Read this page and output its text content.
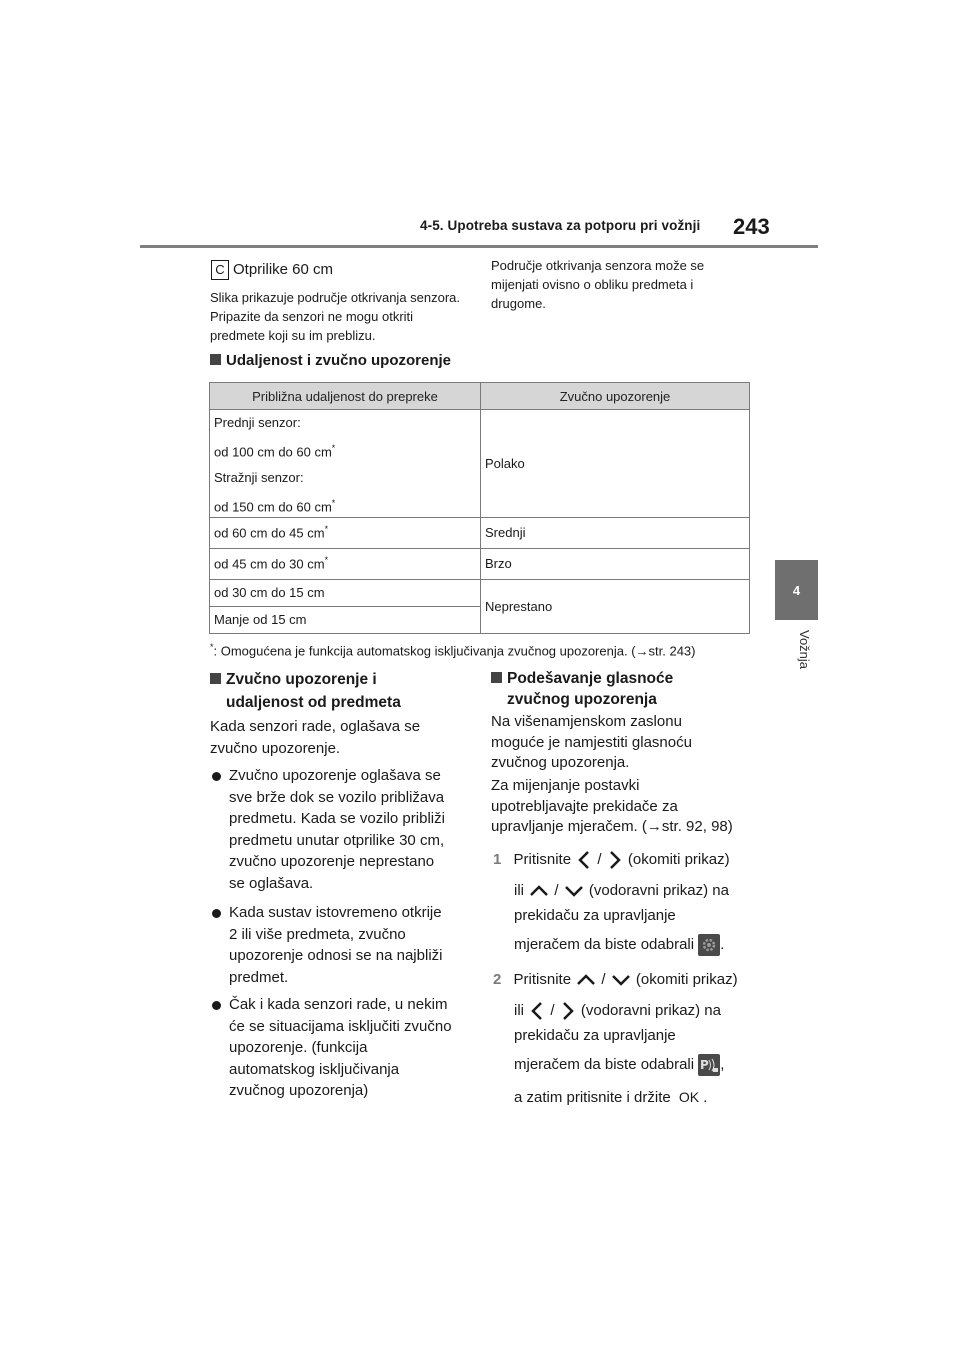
4-5. Upotreba sustava za potporu pri vožnji 243
4
Vožnja
C Otprilike 60 cm
Slika prikazuje područje otkrivanja senzora. Pripazite da senzori ne mogu otkriti predmete koji su im preblizu.
Područje otkrivanja senzora može se mijenjati ovisno o obliku predmeta i drugome.
Udaljenost i zvučno upozorenje
Približna udaljenost do prepreke	Zvučno upozorenje

Prednji senzor:
od 100 cm do 60 cm*
Stražnji senzor:
od 150 cm do 60 cm*	Polako
od 60 cm do 45 cm*	Srednji
od 45 cm do 30 cm*	Brzo
od 30 cm do 15 cm	Neprestano
Manje od 15 cm	
*: Omogućena je funkcija automatskog isključivanja zvučnog upozorenja. (→str. 243)
Zvučno upozorenje i
udaljenost od predmeta
Kada senzori rade, oglašava se
zvučno upozorenje.
Zvučno upozorenje oglašava se
sve brže dok se vozilo približava
predmetu. Kada se vozilo približi
predmetu unutar otprilike 30 cm,
zvučno upozorenje neprestano
se oglašava.
Kada sustav istovremeno otkrije
2 ili više predmeta, zvučno
upozorenje odnosi se na najbliži
predmet.
Čak i kada senzori rade, u nekim
će se situacijama isključiti zvučno
upozorenje. (funkcija
automatskog isključivanja
zvučnog upozorenja)
Podešavanje glasnoće
zvučnog upozorenja
Na višenamjenskom zaslonu
moguće je namjestiti glasnoću
zvučnog upozorenja.
Za mijenjanje postavki
upotrebljavajte prekidače za
upravljanje mjeračem. (→str. 92, 98)
1 Pritisnite / (okomiti prikaz)
ili / (vodoravni prikaz) na
prekidaču za upravljanje
mjeračem da biste odabrali .
2 Pritisnite / (okomiti prikaz)
ili / (vodoravni prikaz) na
prekidaču za upravljanje
mjeračem da biste odabrali P ,
a zatim pritisnite i držite OK .
